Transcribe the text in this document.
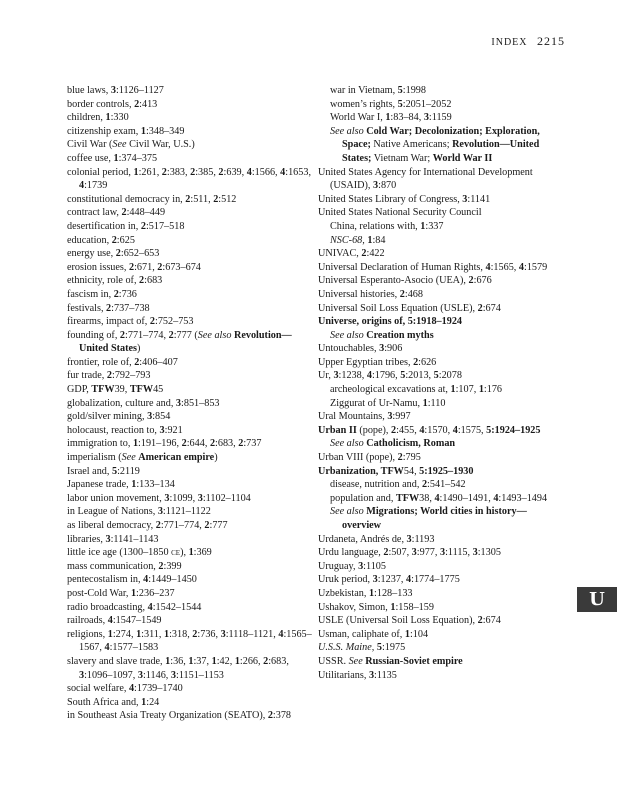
INDEX 2215
blue laws, 3:1126–1127
border controls, 2:413
children, 1:330
citizenship exam, 1:348–349
Civil War (See Civil War, U.S.)
coffee use, 1:374–375
colonial period, 1:261, 2:383, 2:385, 2:639, 4:1566, 4:1653, 4:1739
constitutional democracy in, 2:511, 2:512
contract law, 2:448–449
desertification in, 2:517–518
education, 2:625
energy use, 2:652–653
erosion issues, 2:671, 2:673–674
ethnicity, role of, 2:683
fascism in, 2:736
festivals, 2:737–738
firearms, impact of, 2:752–753
founding of, 2:771–774, 2:777 (See also Revolution—United States)
frontier, role of, 2:406–407
fur trade, 2:792–793
GDP, TFW39, TFW45
globalization, culture and, 3:851–853
gold/silver mining, 3:854
holocaust, reaction to, 3:921
immigration to, 1:191–196, 2:644, 2:683, 2:737
imperialism (See American empire)
Israel and, 5:2119
Japanese trade, 1:133–134
labor union movement, 3:1099, 3:1102–1104
in League of Nations, 3:1121–1122
as liberal democracy, 2:771–774, 2:777
libraries, 3:1141–1143
little ice age (1300–1850 ce), 1:369
mass communication, 2:399
pentecostalism in, 4:1449–1450
post-Cold War, 1:236–237
radio broadcasting, 4:1542–1544
railroads, 4:1547–1549
religions, 1:274, 1:311, 1:318, 2:736, 3:1118–1121, 4:1565–1567, 4:1577–1583
slavery and slave trade, 1:36, 1:37, 1:42, 1:266, 2:683, 3:1096–1097, 3:1146, 3:1151–1153
social welfare, 4:1739–1740
South Africa and, 1:24
in Southeast Asia Treaty Organization (SEATO), 2:378
war in Vietnam, 5:1998
women’s rights, 5:2051–2052
World War I, 1:83–84, 3:1159
See also Cold War; Decolonization; Exploration, Space; Native Americans; Revolution—United States; Vietnam War; World War II
United States Agency for International Development (USAID), 3:870
United States Library of Congress, 3:1141
United States National Security Council
China, relations with, 1:337
NSC-68, 1:84
UNIVAC, 2:422
Universal Declaration of Human Rights, 4:1565, 4:1579
Universal Esperanto-Asocio (UEA), 2:676
Universal histories, 2:468
Universal Soil Loss Equation (USLE), 2:674
Universe, origins of, 5:1918–1924
See also Creation myths
Untouchables, 3:906
Upper Egyptian tribes, 2:626
Ur, 3:1238, 4:1796, 5:2013, 5:2078
archeological excavations at, 1:107, 1:176
Ziggurat of Ur-Namu, 1:110
Ural Mountains, 3:997
Urban II (pope), 2:455, 4:1570, 4:1575, 5:1924–1925
See also Catholicism, Roman
Urban VIII (pope), 2:795
Urbanization, TFW54, 5:1925–1930
disease, nutrition and, 2:541–542
population and, TFW38, 4:1490–1491, 4:1493–1494
See also Migrations; World cities in history—overview
Urdaneta, Andrés de, 3:1193
Urdu language, 2:507, 3:977, 3:1115, 3:1305
Uruguay, 3:1105
Uruk period, 3:1237, 4:1774–1775
Uzbekistan, 1:128–133
Ushakov, Simon, 1:158–159
USLE (Universal Soil Loss Equation), 2:674
Usman, caliphate of, 1:104
U.S.S. Maine, 5:1975
USSR. See Russian-Soviet empire
Utilitarians, 3:1135
U
